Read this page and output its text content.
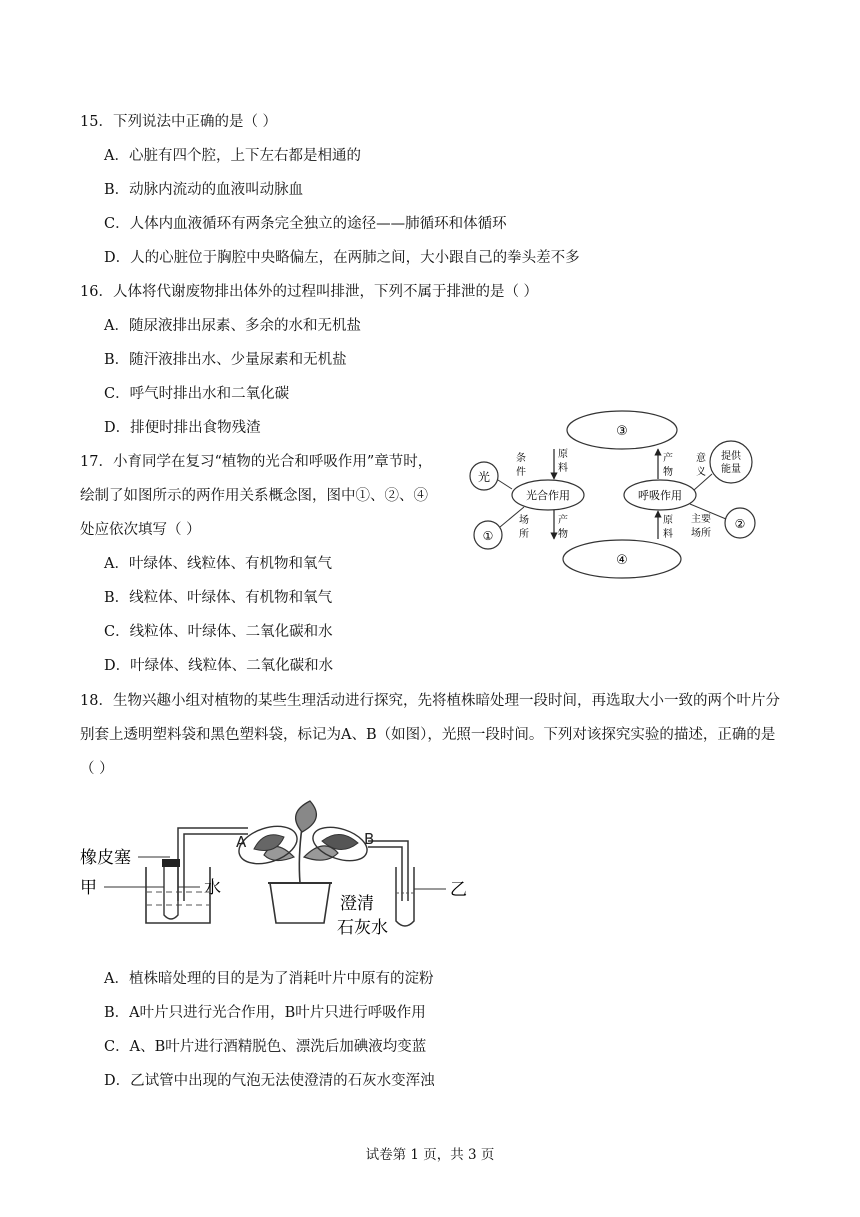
15．下列说法中正确的是（ ）
A．心脏有四个腔，上下左右都是相通的
B．动脉内流动的血液叫动脉血
C．人体内血液循环有两条完全独立的途径——肺循环和体循环
D．人的心脏位于胸腔中央略偏左，在两肺之间，大小跟自己的拳头差不多
16．人体将代谢废物排出体外的过程叫排泄，下列不属于排泄的是（ ）
A．随尿液排出尿素、多余的水和无机盐
B．随汗液排出水、少量尿素和无机盐
C．呼气时排出水和二氧化碳
D．排便时排出食物残渣
17．小育同学在复习“植物的光合和呼吸作用”章节时，
绘制了如图所示的两作用关系概念图，图中①、②、④
处应依次填写（ ）
A．叶绿体、线粒体、有机物和氧气
B．线粒体、叶绿体、有机物和氧气
C．线粒体、叶绿体、二氧化碳和水
D．叶绿体、线粒体、二氧化碳和水
③
④
光合作用	呼吸作用
光
①
提供
能量
②
条
件
原
料
场
所
产
物
产
物
意
义
原
料
主要
场所
18．生物兴趣小组对植物的某些生理活动进行探究，先将植株暗处理一段时间，再选取大小一致的两个叶片分别套上透明塑料袋和黑色塑料袋，标记为A、B（如图），光照一段时间。下列对该探究实验的描述，正确的是（ ）
橡皮塞
甲	水
A	B
乙
澄清
石灰水
A．植株暗处理的目的是为了消耗叶片中原有的淀粉
B．A叶片只进行光合作用，B叶片只进行呼吸作用
C．A、B叶片进行酒精脱色、漂洗后加碘液均变蓝
D．乙试管中出现的气泡无法使澄清的石灰水变浑浊
试卷第 1 页，共 3 页
